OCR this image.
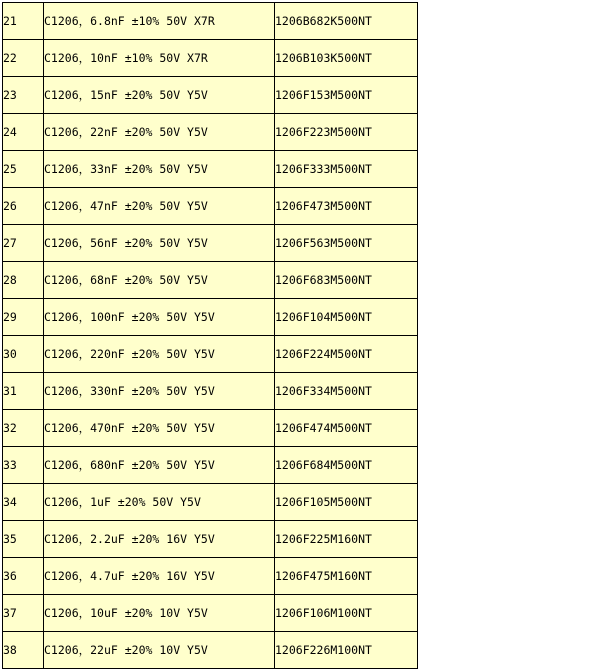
21	C1206，6.8nF ±10% 50V X7R	1206B682K500NT
22	C1206，10nF ±10% 50V X7R	1206B103K500NT
23	C1206，15nF ±20% 50V Y5V	1206F153M500NT
24	C1206，22nF ±20% 50V Y5V	1206F223M500NT
25	C1206，33nF ±20% 50V Y5V	1206F333M500NT
26	C1206，47nF ±20% 50V Y5V	1206F473M500NT
27	C1206，56nF ±20% 50V Y5V	1206F563M500NT
28	C1206，68nF ±20% 50V Y5V	1206F683M500NT
29	C1206，100nF ±20% 50V Y5V	1206F104M500NT
30	C1206，220nF ±20% 50V Y5V	1206F224M500NT
31	C1206，330nF ±20% 50V Y5V	1206F334M500NT
32	C1206，470nF ±20% 50V Y5V	1206F474M500NT
33	C1206，680nF ±20% 50V Y5V	1206F684M500NT
34	C1206，1uF ±20% 50V Y5V	1206F105M500NT
35	C1206，2.2uF ±20% 16V Y5V	1206F225M160NT
36	C1206，4.7uF ±20% 16V Y5V	1206F475M160NT
37	C1206，10uF ±20% 10V Y5V	1206F106M100NT
38	C1206，22uF ±20% 10V Y5V	1206F226M100NT
